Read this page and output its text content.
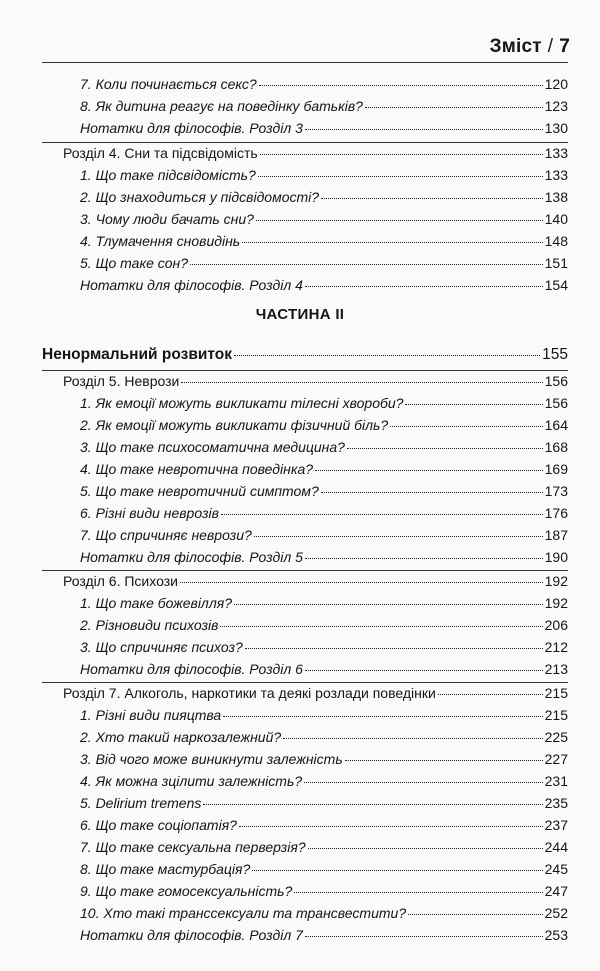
Зміст / 7
7. Коли починається секс?	120
8. Як дитина реагує на поведінку батьків?	123
Нотатки для філософів. Розділ 3	130
Розділ 4. Сни та підсвідомість	133
1. Що таке підсвідомість?	133
2. Що знаходиться у підсвідомості?	138
3. Чому люди бачать сни?	140
4. Тлумачення сновидінь	148
5. Що таке сон?	151
Нотатки для філософів. Розділ 4	154
ЧАСТИНА II
Ненормальний розвиток	155
Розділ 5. Неврози	156
1. Як емоції можуть викликати тілесні хвороби?	156
2. Як емоції можуть викликати фізичний біль?	164
3. Що таке психосоматична медицина?	168
4. Що таке невротична поведінка?	169
5. Що таке невротичний симптом?	173
6. Різні види неврозів	176
7. Що спричиняє неврози?	187
Нотатки для філософів. Розділ 5	190
Розділ 6. Психози	192
1. Що таке божевілля?	192
2. Різновиди психозів	206
3. Що спричиняє психоз?	212
Нотатки для філософів. Розділ 6	213
Розділ 7. Алкоголь, наркотики та деякі розлади поведінки	215
1. Різні види пияцтва	215
2. Хто такий наркозалежний?	225
3. Від чого може виникнути залежність	227
4. Як можна зцілити залежність?	231
5. Delirium tremens	235
6. Що таке соціопатія?	237
7. Що таке сексуальна перверзія?	244
8. Що таке мастурбація?	245
9. Що таке гомосексуальність?	247
10. Хто такі транссексуали та трансвестити?	252
Нотатки для філософів. Розділ 7	253
